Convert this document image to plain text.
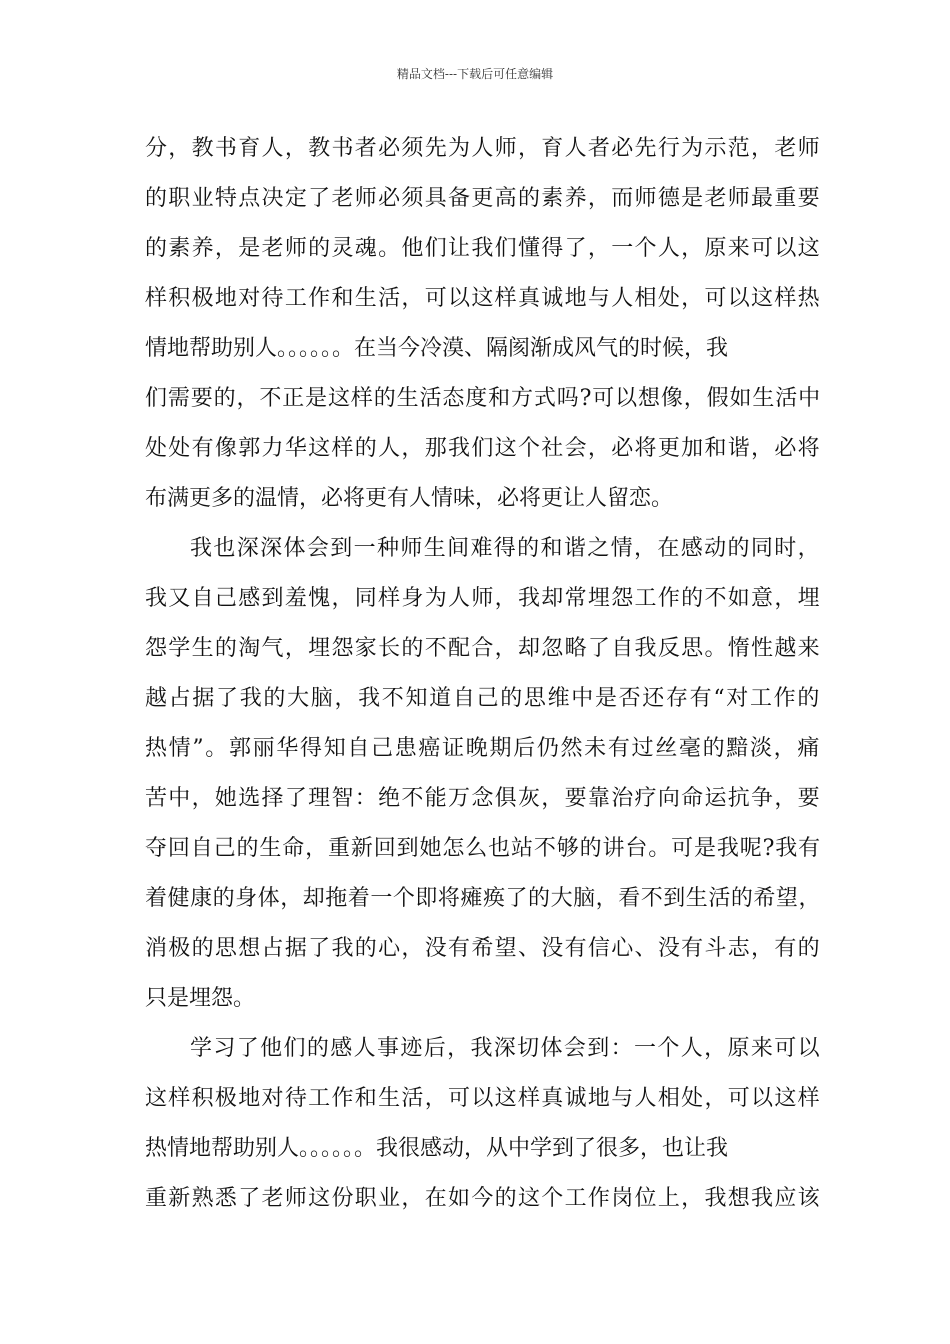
精品文档---下载后可任意编辑
分，教书育人，教书者必须先为人师，育人者必先行为示范，老师
的职业特点决定了老师必须具备更高的素养，而师德是老师最重要
的素养，是老师的灵魂。他们让我们懂得了，一个人，原来可以这
样积极地对待工作和生活，可以这样真诚地与人相处，可以这样热
情地帮助别人。。。。。。在当今冷漠、隔阂渐成风气的时候，我
们需要的，不正是这样的生活态度和方式吗?可以想像，假如生活中
处处有像郭力华这样的人，那我们这个社会，必将更加和谐，必将
布满更多的温情，必将更有人情味，必将更让人留恋。
我也深深体会到一种师生间难得的和谐之情，在感动的同时，
我又自己感到羞愧，同样身为人师，我却常埋怨工作的不如意，埋
怨学生的淘气，埋怨家长的不配合，却忽略了自我反思。惰性越来
越占据了我的大脑，我不知道自己的思维中是否还存有“对工作的
热情”。郭丽华得知自己患癌证晚期后仍然未有过丝毫的黯淡，痛
苦中，她选择了理智：绝不能万念俱灰，要靠治疗向命运抗争，要
夺回自己的生命，重新回到她怎么也站不够的讲台。可是我呢?我有
着健康的身体，却拖着一个即将瘫痪了的大脑，看不到生活的希望，
消极的思想占据了我的心，没有希望、没有信心、没有斗志，有的
只是埋怨。
学习了他们的感人事迹后，我深切体会到：一个人，原来可以
这样积极地对待工作和生活，可以这样真诚地与人相处，可以这样
热情地帮助别人。。。。。。我很感动，从中学到了很多，也让我
重新熟悉了老师这份职业，在如今的这个工作岗位上，我想我应该
